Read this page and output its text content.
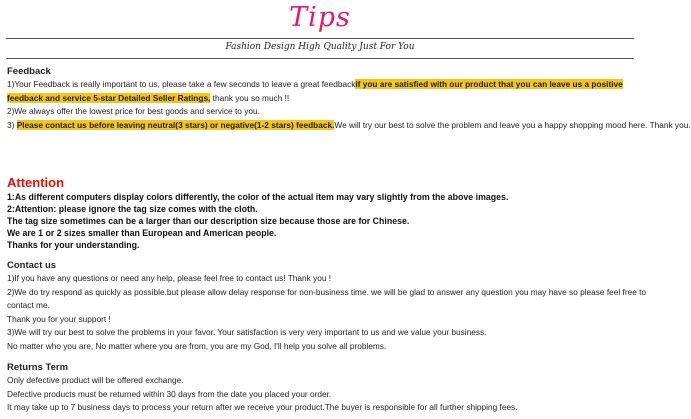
Tips
Fashion Design High Quality Just For You
Feedback
1)Your Feedback is really important to us, please take a few seconds to leave a great feedbackif you are satisfied with our product that you can leave us a positive feedback and service 5-star Detailed Seller Ratings, thank you so much !!
2)We always offer the lowest price for best goods and service to you.
3) Please contact us before leaving neutral(3 stars) or negative(1-2 stars) feedback.We will try our best to solve the problem and leave you a happy shopping mood here. Thank you.
Attention
1:As different computers display colors differently, the color of the actual item may vary slightly from the above images.
2:Attention: please ignore the tag size comes with the cloth.
The tag size sometimes can be a larger than our description size because those are for Chinese.
We are 1 or 2 sizes smaller than European and American people.
Thanks for your understanding.
Contact us
1)If you have any questions or need any help, please feel free to contact us! Thank you !
2)We do try respond as quickly as possible.but please allow delay response for non-business time. we will be glad to answer any question you may have so please feel free to
contact me.
Thank you for your support !
3)We will try our best to solve the problems in your favor. Your satisfaction is very very important to us and we value your business.
No matter who you are, No matter where you are from, you are my God, I'll help you solve all problems.
Returns Term
Only defective product will be offered exchange.
Defective products must be returned within 30 days from the date you placed your order.
It may take up to 7 business days to process your return after we receive your product.The buyer is responsible for all further shipping fees.
